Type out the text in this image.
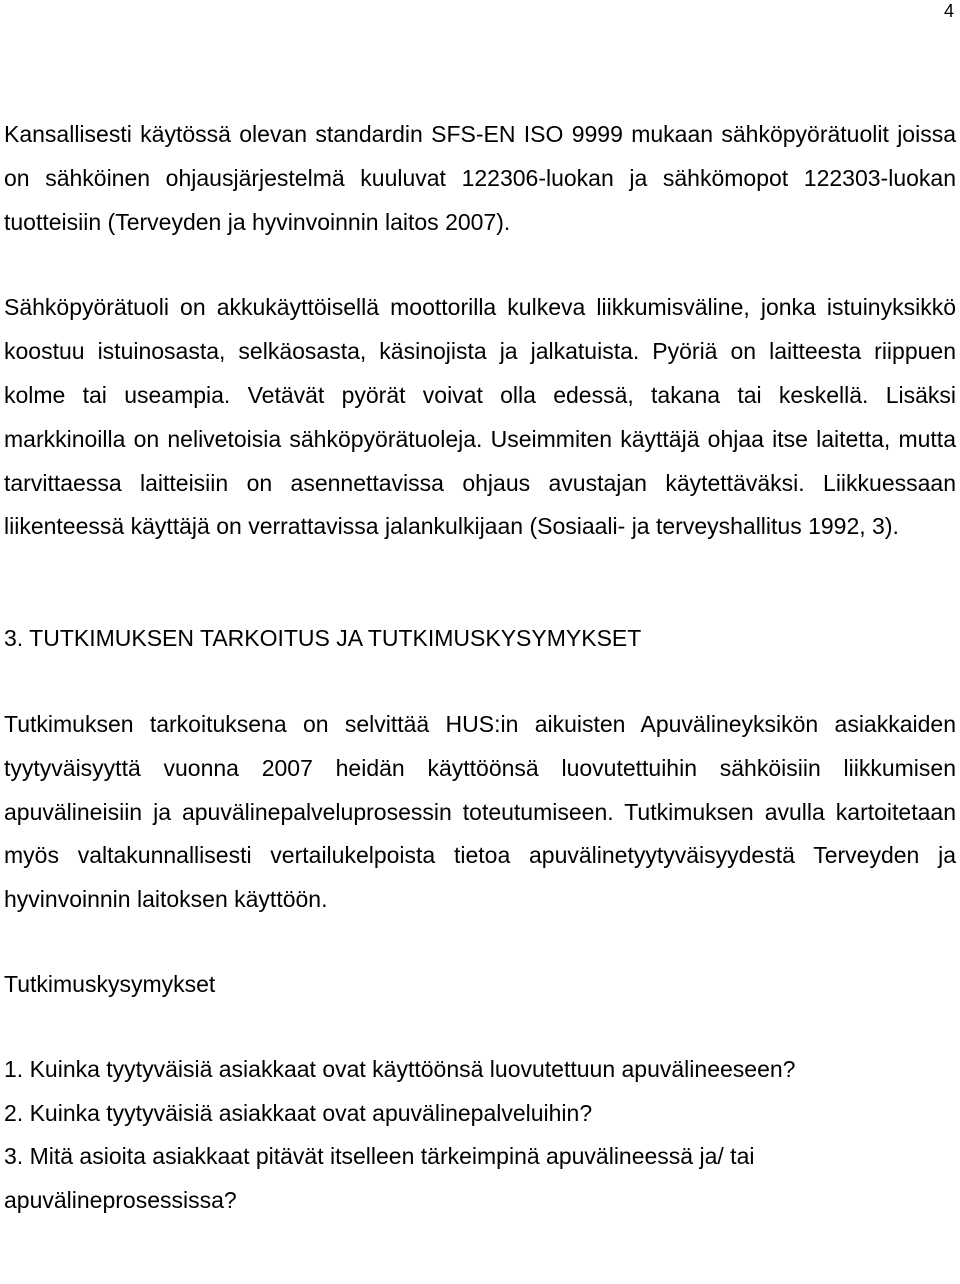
4

Kansallisesti käytössä olevan standardin SFS-EN ISO 9999 mukaan sähköpyörätuolit joissa on sähköinen ohjausjärjestelmä kuuluvat 122306-luokan ja sähkömopot 122303-luokan tuotteisiin (Terveyden ja hyvinvoinnin laitos 2007).

Sähköpyörätuoli on akkukäyttöisellä moottorilla kulkeva liikkumisväline, jonka istuinyksikkö koostuu istuinosasta, selkäosasta, käsinojista ja jalkatuista. Pyöriä on laitteesta riippuen kolme tai useampia. Vetävät pyörät voivat olla edessä, takana tai keskellä. Lisäksi markkinoilla on nelivetoisia sähköpyörätuoleja. Useimmiten käyttäjä ohjaa itse laitetta, mutta tarvittaessa laitteisiin on asennettavissa ohjaus avustajan käytettäväksi. Liikkuessaan liikenteessä käyttäjä on verrattavissa jalankulkijaan (Sosiaali- ja terveyshallitus 1992, 3).

3. TUTKIMUKSEN TARKOITUS JA TUTKIMUSKYSYMYKSET

Tutkimuksen tarkoituksena on selvittää HUS:in aikuisten Apuvälineyksikön asiakkaiden tyytyväisyyttä vuonna 2007 heidän käyttöönsä luovutettuihin sähköisiin liikkumisen apuvälineisiin ja apuvälinepalveluprosessin toteutumiseen. Tutkimuksen avulla kartoitetaan myös valtakunnallisesti vertailukelpoista tietoa apuvälinetyytyväisyydestä Terveyden ja hyvinvoinnin laitoksen käyttöön.

Tutkimuskysymykset
1. Kuinka tyytyväisiä asiakkaat ovat käyttöönsä luovutettuun apuvälineeseen?
2. Kuinka tyytyväisiä asiakkaat ovat apuvälinepalveluihin?
3. Mitä asioita asiakkaat pitävät itselleen tärkeimpinä apuvälineessä ja/ tai apuvälineprosessissa?
